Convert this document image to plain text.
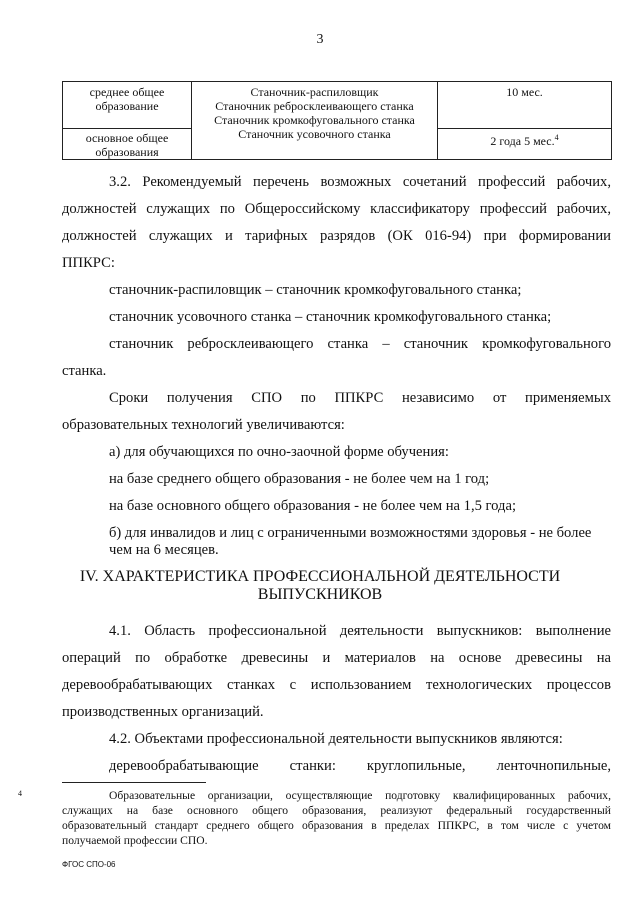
3
среднее общее
образование
Станочник-распиловщик
Станочник ребросклеивающего станка
Станочник кромкофуговального станка
Станочник усовочного станка
10 мес.
основное общее
образования
2 года 5 мес.$^4$
3.2. Рекомендуемый перечень возможных сочетаний профессий рабочих,
должностей служащих по Общероссийскому классификатору профессий рабочих,
должностей служащих и тарифных разрядов (ОК 016-94) при формировании
ППКРС:
станочник-распиловщик – станочник кромкофуговального станка;
станочник усовочного станка – станочник кромкофуговального станка;
станочник ребросклеивающего станка – станочник кромкофуговального
станка.
Сроки получения СПО по ППКРС независимо от применяемых
образовательных технологий увеличиваются:
а) для обучающихся по очно-заочной форме обучения:
на базе среднего общего образования - не более чем на 1 год;
на базе основного общего образования - не более чем на 1,5 года;
б) для инвалидов и лиц с ограниченными возможностями здоровья - не более
чем на 6 месяцев.
IV. ХАРАКТЕРИСТИКА ПРОФЕССИОНАЛЬНОЙ ДЕЯТЕЛЬНОСТИ
ВЫПУСКНИКОВ
4.1. Область профессиональной деятельности выпускников: выполнение
операций по обработке древесины и материалов на основе древесины на
деревообрабатывающих станках с использованием технологических процессов
производственных организаций.
4.2. Объектами профессиональной деятельности выпускников являются:
деревообрабатывающие станки: круглопильные, ленточнопильные,
4	Образовательные организации, осуществляющие подготовку квалифицированных рабочих,
служащих на базе основного общего образования, реализуют федеральный государственный
образовательный стандарт среднего общего образования в пределах ППКРС, в том числе с учетом
получаемой профессии СПО.
ФГОС СПО-06
